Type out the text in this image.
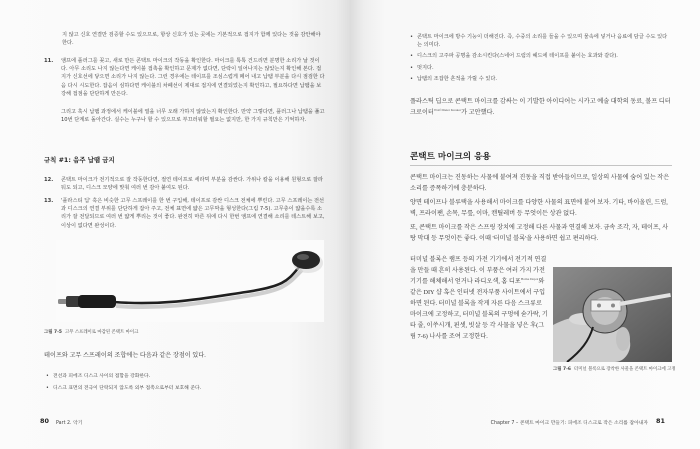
지 않고 신호 연결만 검증할 수도 있으므로, 항상 신호가 있는 곳에는 기본적으로 접지가 함께 있다는 것을 감안해야 한다.
11. 앰프에 플러그를 꽂고, 새로 만든 콘택트 마이크의 작동을 확인한다. 마이크를 톡톡 건드리면 분명한 소리가 날 것이다. 아무 소리도 나지 않는다면 케이블 접촉을 확인하고 문제가 없다면, 단락이 일어나지는 않았는지 확인해 본다. 접지가 신호선에 닿으면 소리가 나지 않는다. 그런 경우에는 테이프를 조심스럽게 떼어 내고 납땜 부분을 다시 점검한 다음 다시 시도한다. 잡음이 심하다면 케이블의 차폐선이 제대로 접지에 연결되었는지 확인하고, 필요하다면 납땜을 보강해 접점을 단단하게 만든다.
그리고 혹시 납땜 과정에서 케이블에 열을 너무 오래 가하지 않았는지 확인한다. 만약 그렇다면, 플러그나 납땜을 풀고 10번 단계로 돌아간다. 실수는 누구나 할 수 있으므로 부끄러워할 필요는 없지만, 한 가지 규칙만은 기억하자.
규칙 #1: 음주 납땜 금지
12. 콘택트 마이크가 전기적으로 잘 작동한다면, 절연 테이프로 세라믹 부분을 감싼다. 가위나 칼을 이용해 원형으로 잘라 둬도 되고, 디스크 모양에 맞춰 여러 번 감아 붙여도 된다.
13. '플라스티 딥' 혹은 비슷한 고무 스프레이를 한 번 구입해, 테이프로 감싼 디스크 전체에 뿌린다. 고무 스프레이는 전선과 디스크의 연결 부위를 단단하게 잡아 주고, 전체 표면에 얇은 고무막을 형성한다(그림 7-5). 고무층이 얇을수록 소리가 잘 전달되므로 여러 번 얇게 뿌리는 것이 좋다. 완전히 마른 뒤에 다시 한번 앰프에 연결해 소리를 테스트해 보고, 이상이 없다면 완성이다.
그림 7-5 고무 스프레이로 마감된 콘택트 마이크
테이프와 고무 스프레이의 조합에는 다음과 같은 장점이 있다.
• 전선과 피에조 디스크 사이의 접합을 강화한다.
• 디스크 표면의 전극이 단락되지 않도록 외부 접촉으로부터 보호해 준다.
80 Part 2. 악기
• 콘택트 마이크에 방수 기능이 더해진다. 즉, 수중의 소리를 들을 수 있으며 물속에 넣거나 음료에 담글 수도 있다는 의미다.
• 디스크의 고주파 공명을 감소시킨다(스네어 드럼의 헤드에 테이프를 붙이는 효과와 같다).
• 멋지다.
• 납땜의 조잡한 흔적을 가릴 수 있다.
플라스틱 딥으로 콘택트 마이크를 감싸는 이 기발한 아이디어는 시카고 예술 대학의 동료, 볼프 디터 크로이터$^{Wolf Dieter Kreuter}$가 고안했다.
콘택트 마이크의 응용
콘택트 마이크는 진동하는 사물에 붙여져 진동을 직접 받아들이므로, 일상의 사물에 숨어 있는 작은 소리를 증폭하기에 충분하다.
양면 테이프나 블루택을 사용해서 마이크를 다양한 사물의 표면에 붙여 보자. 기타, 바이올린, 드럼, 벽, 프라이팬, 손목, 무릎, 이마, 캔틸레버 등 무엇이든 상관 없다.
또, 콘택트 마이크를 작은 스프링 장치에 고정해 다른 사물과 연결해 보자. 금속 조각, 자, 테이프, 사탕 막대 등 무엇이든 좋다. 이때 '터미널 블록'을 사용하면 쉽고 편리하다.
터미널 블록은 램프 등의 가전 기기에서 전기적 연결을 만들 때 흔히 사용된다. 이 부품은 여러 가지 가전 기기를 해체해서 얻거나 라디오섁, 홈 디포$^{Home Depot}$와 같은 DIY 샵 혹은 인터넷 전자부품 사이트에서 구입하면 된다. 터미널 블록을 작게 자른 다음 스크류로 마이크에 고정하고, 터미널 블록의 구멍에 숟가락, 기타 줄, 이쑤시개, 핀셋, 빗살 등 각 사물을 넣은 후(그림 7-6) 나사를 조여 고정한다.
그림 7-6 터미널 블록으로 장착한 사물을 콘택트 마이크에 고정
Chapter 7 – 콘택트 마이크 만들기: 피에조 디스크로 작은 소리를 잡아내자 81
